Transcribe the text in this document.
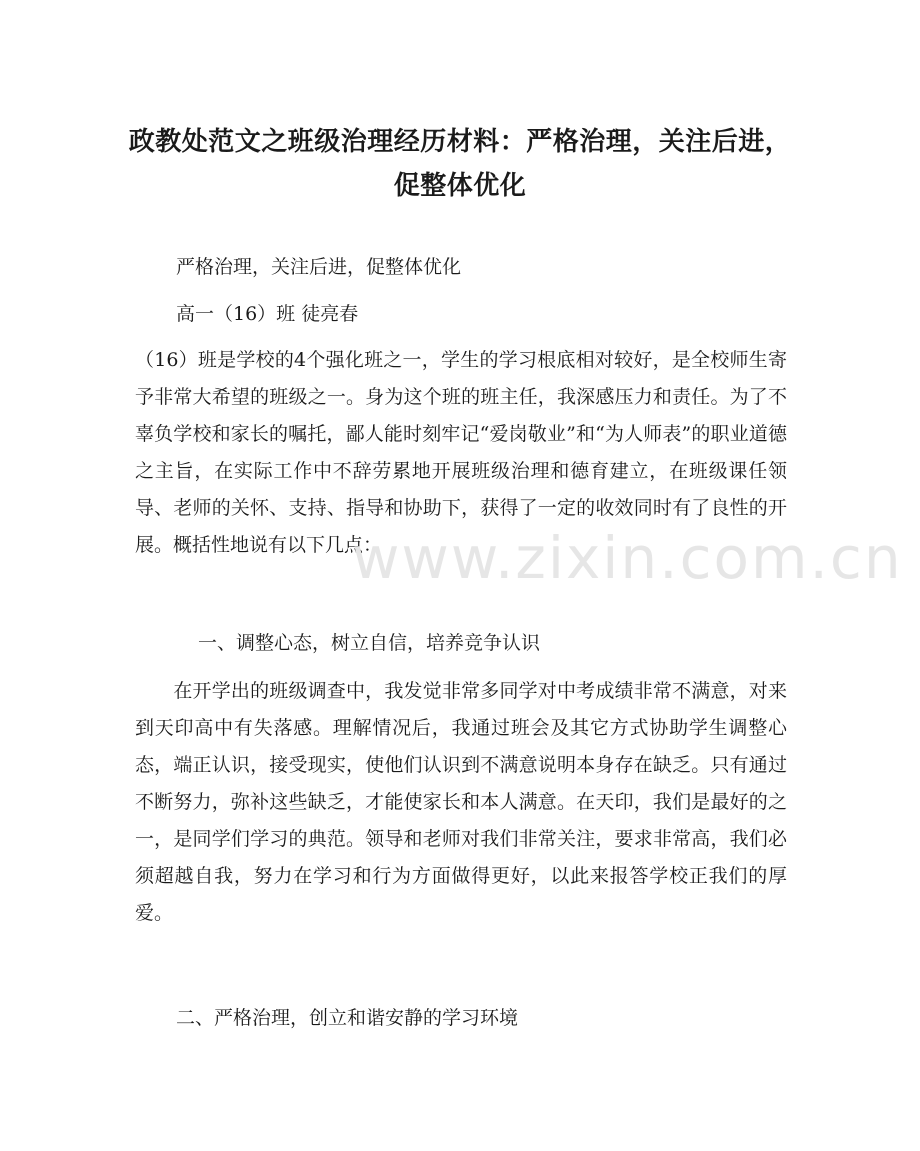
政教处范文之班级治理经历材料：严格治理，关注后进，促整体优化

严格治理，关注后进，促整体优化

高一（16）班 徒亮春

（16）班是学校的4个强化班之一，学生的学习根底相对较好，是全校师生寄予非常大希望的班级之一。身为这个班的班主任，我深感压力和责任。为了不辜负学校和家长的嘱托，鄙人能时刻牢记“爱岗敬业”和“为人师表”的职业道德之主旨，在实际工作中不辞劳累地开展班级治理和德育建立，在班级课任领导、老师的关怀、支持、指导和协助下，获得了一定的收效同时有了良性的开展。概括性地说有以下几点：

一、调整心态，树立自信，培养竞争认识

　　在开学出的班级调查中，我发觉非常多同学对中考成绩非常不满意，对来到天印高中有失落感。理解情况后，我通过班会及其它方式协助学生调整心态，端正认识，接受现实，使他们认识到不满意说明本身存在缺乏。只有通过不断努力，弥补这些缺乏，才能使家长和本人满意。在天印，我们是最好的之一，是同学们学习的典范。领导和老师对我们非常关注，要求非常高，我们必须超越自我，努力在学习和行为方面做得更好，以此来报答学校正我们的厚爱。

二、严格治理，创立和谐安静的学习环境

www.zixin.com.cn
